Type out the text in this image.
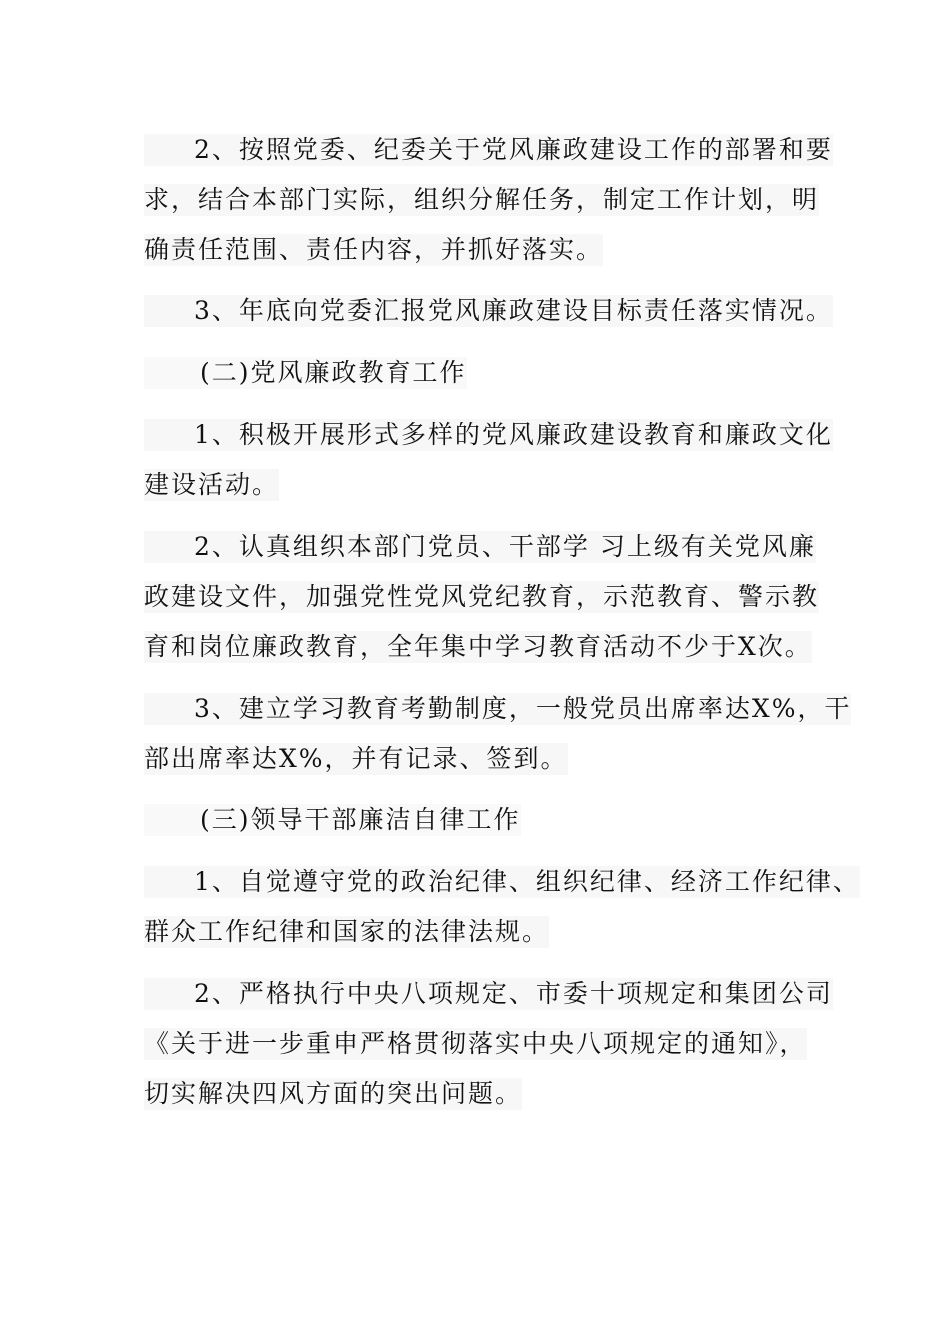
2、按照党委、纪委关于党风廉政建设工作的部署和要
求，结合本部门实际，组织分解任务，制定工作计划，明
确责任范围、责任内容，并抓好落实。
3、年底向党委汇报党风廉政建设目标责任落实情况。
(二)党风廉政教育工作
1、积极开展形式多样的党风廉政建设教育和廉政文化
建设活动。
2、认真组织本部门党员、干部学 习上级有关党风廉
政建设文件，加强党性党风党纪教育，示范教育、警示教
育和岗位廉政教育，全年集中学习教育活动不少于X次。
3、建立学习教育考勤制度，一般党员出席率达X%，干
部出席率达X%，并有记录、签到。
(三)领导干部廉洁自律工作
1、自觉遵守党的政治纪律、组织纪律、经济工作纪律、
群众工作纪律和国家的法律法规。
2、严格执行中央八项规定、市委十项规定和集团公司
《关于进一步重申严格贯彻落实中央八项规定的通知》，
切实解决四风方面的突出问题。
